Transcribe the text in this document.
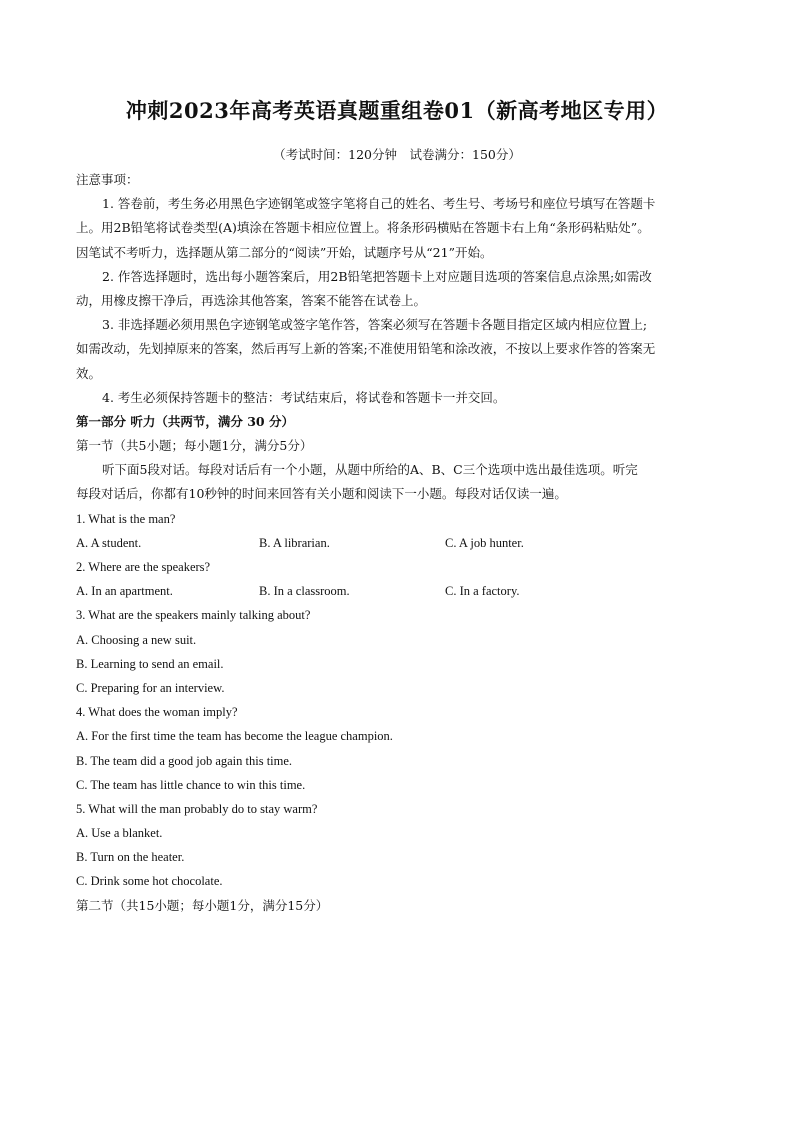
冲刺2023年高考英语真题重组卷01（新高考地区专用）
（考试时间：120分钟　试卷满分：150分）
注意事项：
1. 答卷前，考生务必用黑色字迹钢笔或签字笔将自己的姓名、考生号、考场号和座位号填写在答题卡
上。用2B铅笔将试卷类型(A)填涂在答题卡相应位置上。将条形码横贴在答题卡右上角“条形码粘贴处”。
因笔试不考听力，选择题从第二部分的“阅读”开始，试题序号从“21”开始。
2. 作答选择题时，选出每小题答案后，用2B铅笔把答题卡上对应题目选项的答案信息点涂黑;如需改
动，用橡皮擦干净后，再选涂其他答案，答案不能答在试卷上。
3. 非选择题必须用黑色字迹钢笔或签字笔作答，答案必须写在答题卡各题目指定区域内相应位置上;
如需改动，先划掉原来的答案，然后再写上新的答案;不准使用铅笔和涂改液，不按以上要求作答的答案无
效。
4. 考生必须保持答题卡的整洁：考试结束后，将试卷和答题卡一并交回。
第一部分 听力（共两节，满分 30 分）
第一节（共5小题；每小题1分，满分5分）
听下面5段对话。每段对话后有一个小题，从题中所给的A、B、C三个选项中选出最佳选项。听完
每段对话后，你都有10秒钟的时间来回答有关小题和阅读下一小题。每段对话仅读一遍。
1. What is the man?
A. A student.	B. A librarian.	C. A job hunter.
2. Where are the speakers?
A. In an apartment.	B. In a classroom.	C. In a factory.
3. What are the speakers mainly talking about?
A. Choosing a new suit.
B. Learning to send an email.
C. Preparing for an interview.
4. What does the woman imply?
A. For the first time the team has become the league champion.
B. The team did a good job again this time.
C. The team has little chance to win this time.
5. What will the man probably do to stay warm?
A. Use a blanket.
B. Turn on the heater.
C. Drink some hot chocolate.
第二节（共15小题；每小题1分，满分15分）
